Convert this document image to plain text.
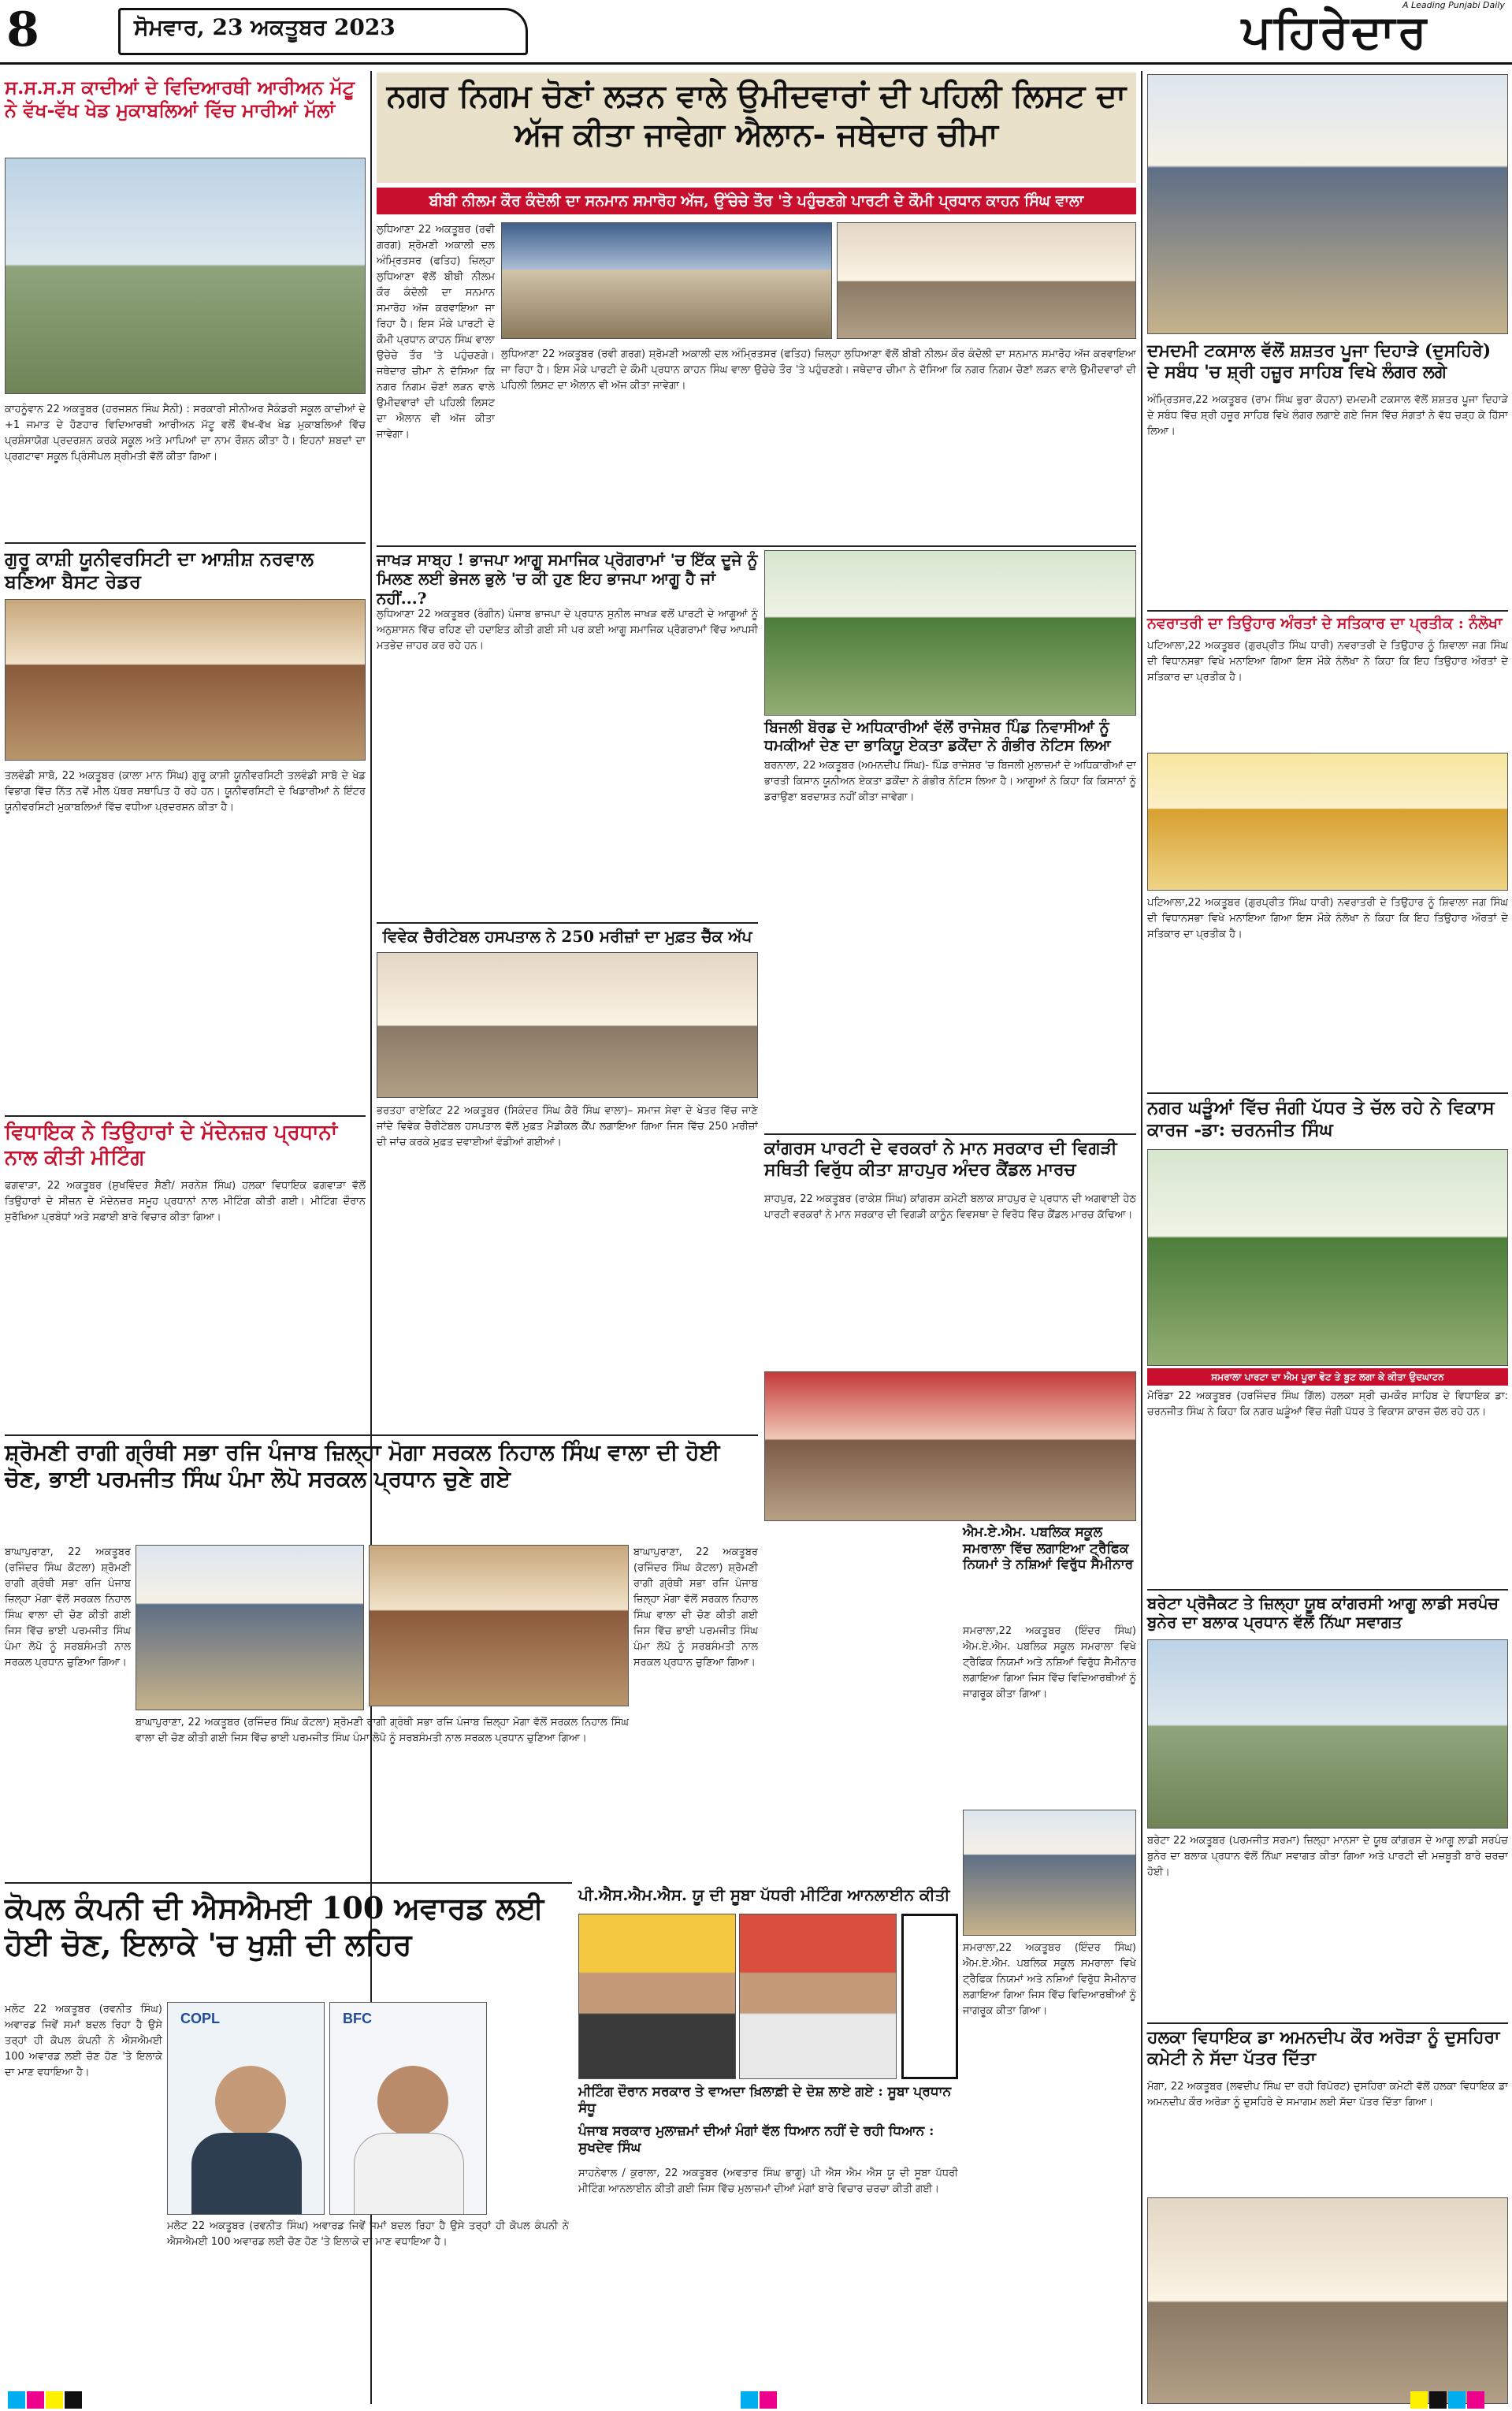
8	ਸੋਮਵਾਰ, 23 ਅਕਤੂਬਰ 2023
A Leading Punjabi Daily
ਪਹਿਰੇਦਾਰ
ਸ.ਸ.ਸ.ਸ ਕਾਦੀਆਂ ਦੇ ਵਿਦਿਆਰਥੀ ਆਰੀਅਨ ਮੱਟੂ ਨੇ ਵੱਖ-ਵੱਖ ਖੇਡ ਮੁਕਾਬਲਿਆਂ ਵਿੱਚ ਮਾਰੀਆਂ ਮੱਲਾਂ
ਕਾਹਨੂੰਵਾਨ 22 ਅਕਤੂਬਰ (ਹਰਜਸ਼ਨ ਸਿੰਘ ਸੈਨੀ) : ਸਰਕਾਰੀ ਸੀਨੀਅਰ ਸੈਕੰਡਰੀ ਸਕੂਲ ਕਾਦੀਆਂ ਦੇ +1 ਜਮਾਤ ਦੇ ਹੋਣਹਾਰ ਵਿਦਿਆਰਥੀ ਆਰੀਅਨ ਮੱਟੂ ਵਲੋਂ ਵੱਖ-ਵੱਖ ਖੇਡ ਮੁਕਾਬਲਿਆਂ ਵਿੱਚ ਪ੍ਰਸ਼ੰਸਾਯੋਗ ਪ੍ਰਦਰਸ਼ਨ ਕਰਕੇ ਸਕੂਲ ਅਤੇ ਮਾਪਿਆਂ ਦਾ ਨਾਮ ਰੌਸ਼ਨ ਕੀਤਾ ਹੈ। ਇਹਨਾਂ ਸ਼ਬਦਾਂ ਦਾ ਪ੍ਰਗਟਾਵਾ ਸਕੂਲ ਪ੍ਰਿੰਸੀਪਲ ਸ਼੍ਰੀਮਤੀ ਵੱਲੋਂ ਕੀਤਾ ਗਿਆ।
ਗੁਰੂ ਕਾਸ਼ੀ ਯੂਨੀਵਰਸਿਟੀ ਦਾ ਆਸ਼ੀਸ਼ ਨਰਵਾਲ ਬਣਿਆ ਬੈਸਟ ਰੇਡਰ
ਤਲਵੰਡੀ ਸਾਬੋ, 22 ਅਕਤੂਬਰ (ਕਾਲਾ ਮਾਨ ਸਿੰਘ) ਗੁਰੂ ਕਾਸ਼ੀ ਯੂਨੀਵਰਸਿਟੀ ਤਲਵੰਡੀ ਸਾਬੋ ਦੇ ਖੇਡ ਵਿਭਾਗ ਵਿੱਚ ਨਿੱਤ ਨਵੇਂ ਮੀਲ ਪੱਥਰ ਸਥਾਪਿਤ ਹੋ ਰਹੇ ਹਨ। ਯੂਨੀਵਰਸਿਟੀ ਦੇ ਖਿਡਾਰੀਆਂ ਨੇ ਇੰਟਰ ਯੂਨੀਵਰਸਿਟੀ ਮੁਕਾਬਲਿਆਂ ਵਿੱਚ ਵਧੀਆ ਪ੍ਰਦਰਸ਼ਨ ਕੀਤਾ ਹੈ।
ਵਿਧਾਇਕ ਨੇ ਤਿਉਹਾਰਾਂ ਦੇ ਮੱਦੇਨਜ਼ਰ ਪ੍ਰਧਾਨਾਂ ਨਾਲ ਕੀਤੀ ਮੀਟਿੰਗ
ਫਗਵਾੜਾ, 22 ਅਕਤੂਬਰ (ਸੁਖਵਿੰਦਰ ਸੈਣੀ/ ਸਰਨੇਸ਼ ਸਿੰਘ) ਹਲਕਾ ਵਿਧਾਇਕ ਫਗਵਾੜਾ ਵੱਲੋਂ ਤਿਉਹਾਰਾਂ ਦੇ ਸੀਜ਼ਨ ਦੇ ਮੱਦੇਨਜ਼ਰ ਸਮੂਹ ਪ੍ਰਧਾਨਾਂ ਨਾਲ ਮੀਟਿੰਗ ਕੀਤੀ ਗਈ। ਮੀਟਿੰਗ ਦੌਰਾਨ ਸੁਰੱਖਿਆ ਪ੍ਰਬੰਧਾਂ ਅਤੇ ਸਫ਼ਾਈ ਬਾਰੇ ਵਿਚਾਰ ਕੀਤਾ ਗਿਆ।
ਨਗਰ ਨਿਗਮ ਚੋਣਾਂ ਲੜਨ ਵਾਲੇ ਉਮੀਦਵਾਰਾਂ ਦੀ ਪਹਿਲੀ ਲਿਸਟ ਦਾ ਅੱਜ ਕੀਤਾ ਜਾਵੇਗਾ ਐਲਾਨ- ਜਥੇਦਾਰ ਚੀਮਾ
ਬੀਬੀ ਨੀਲਮ ਕੌਰ ਕੰਦੋਲੀ ਦਾ ਸਨਮਾਨ ਸਮਾਰੋਹ ਅੱਜ, ਉੱਚੇਚੇ ਤੌਰ 'ਤੇ ਪਹੁੰਚਣਗੇ ਪਾਰਟੀ ਦੇ ਕੌਮੀ ਪ੍ਰਧਾਨ ਕਾਹਨ ਸਿੰਘ ਵਾਲਾ
ਲੁਧਿਆਣਾ 22 ਅਕਤੂਬਰ (ਰਵੀ ਗਰਗ) ਸ਼੍ਰੋਮਣੀ ਅਕਾਲੀ ਦਲ ਅੰਮ੍ਰਿਤਸਰ (ਫਤਿਹ) ਜ਼ਿਲ੍ਹਾ ਲੁਧਿਆਣਾ ਵੱਲੋਂ ਬੀਬੀ ਨੀਲਮ ਕੌਰ ਕੰਦੋਲੀ ਦਾ ਸਨਮਾਨ ਸਮਾਰੋਹ ਅੱਜ ਕਰਵਾਇਆ ਜਾ ਰਿਹਾ ਹੈ। ਇਸ ਮੌਕੇ ਪਾਰਟੀ ਦੇ ਕੌਮੀ ਪ੍ਰਧਾਨ ਕਾਹਨ ਸਿੰਘ ਵਾਲਾ ਉਚੇਚੇ ਤੌਰ 'ਤੇ ਪਹੁੰਚਣਗੇ। ਜਥੇਦਾਰ ਚੀਮਾ ਨੇ ਦੱਸਿਆ ਕਿ ਨਗਰ ਨਿਗਮ ਚੋਣਾਂ ਲੜਨ ਵਾਲੇ ਉਮੀਦਵਾਰਾਂ ਦੀ ਪਹਿਲੀ ਲਿਸਟ ਦਾ ਐਲਾਨ ਵੀ ਅੱਜ ਕੀਤਾ ਜਾਵੇਗਾ।
ਲੁਧਿਆਣਾ 22 ਅਕਤੂਬਰ (ਰਵੀ ਗਰਗ) ਸ਼੍ਰੋਮਣੀ ਅਕਾਲੀ ਦਲ ਅੰਮ੍ਰਿਤਸਰ (ਫਤਿਹ) ਜ਼ਿਲ੍ਹਾ ਲੁਧਿਆਣਾ ਵੱਲੋਂ ਬੀਬੀ ਨੀਲਮ ਕੌਰ ਕੰਦੋਲੀ ਦਾ ਸਨਮਾਨ ਸਮਾਰੋਹ ਅੱਜ ਕਰਵਾਇਆ ਜਾ ਰਿਹਾ ਹੈ। ਇਸ ਮੌਕੇ ਪਾਰਟੀ ਦੇ ਕੌਮੀ ਪ੍ਰਧਾਨ ਕਾਹਨ ਸਿੰਘ ਵਾਲਾ ਉਚੇਚੇ ਤੌਰ 'ਤੇ ਪਹੁੰਚਣਗੇ। ਜਥੇਦਾਰ ਚੀਮਾ ਨੇ ਦੱਸਿਆ ਕਿ ਨਗਰ ਨਿਗਮ ਚੋਣਾਂ ਲੜਨ ਵਾਲੇ ਉਮੀਦਵਾਰਾਂ ਦੀ ਪਹਿਲੀ ਲਿਸਟ ਦਾ ਐਲਾਨ ਵੀ ਅੱਜ ਕੀਤਾ ਜਾਵੇਗਾ।
ਜਾਖੜ ਸਾਬ੍ਹ ! ਭਾਜਪਾ ਆਗੂ ਸਮਾਜਿਕ ਪ੍ਰੋਗਰਾਮਾਂ 'ਚ ਇੱਕ ਦੂਜੇ ਨੂੰ ਮਿਲਣ ਲਈ ਭੇਜਲ ਭੁਲੇ 'ਚ ਕੀ ਹੁਣ ਇਹ ਭਾਜਪਾ ਆਗੂ ਹੈ ਜਾਂ ਨਹੀਂ...?
ਲੁਧਿਆਣਾ 22 ਅਕਤੂਬਰ (ਰੰਗੀਨ) ਪੰਜਾਬ ਭਾਜਪਾ ਦੇ ਪ੍ਰਧਾਨ ਸੁਨੀਲ ਜਾਖੜ ਵਲੋਂ ਪਾਰਟੀ ਦੇ ਆਗੂਆਂ ਨੂੰ ਅਨੁਸ਼ਾਸਨ ਵਿੱਚ ਰਹਿਣ ਦੀ ਹਦਾਇਤ ਕੀਤੀ ਗਈ ਸੀ ਪਰ ਕਈ ਆਗੂ ਸਮਾਜਿਕ ਪ੍ਰੋਗਰਾਮਾਂ ਵਿੱਚ ਆਪਸੀ ਮਤਭੇਦ ਜ਼ਾਹਰ ਕਰ ਰਹੇ ਹਨ।
ਬਿਜਲੀ ਬੋਰਡ ਦੇ ਅਧਿਕਾਰੀਆਂ ਵੱਲੋਂ ਰਾਜੇਸ਼ਰ ਪਿੰਡ ਨਿਵਾਸੀਆਂ ਨੂੰ ਧਮਕੀਆਂ ਦੇਣ ਦਾ ਭਾਕਿਯੂ ਏਕਤਾ ਡਕੌਂਦਾ ਨੇ ਗੰਭੀਰ ਨੋਟਿਸ ਲਿਆ
ਬਰਨਾਲਾ, 22 ਅਕਤੂਬਰ (ਅਮਨਦੀਪ ਸਿੰਘ)- ਪਿੰਡ ਰਾਜੇਸ਼ਰ 'ਚ ਬਿਜਲੀ ਮੁਲਾਜ਼ਮਾਂ ਦੇ ਅਧਿਕਾਰੀਆਂ ਦਾ ਭਾਰਤੀ ਕਿਸਾਨ ਯੂਨੀਅਨ ਏਕਤਾ ਡਕੌਂਦਾ ਨੇ ਗੰਭੀਰ ਨੋਟਿਸ ਲਿਆ ਹੈ। ਆਗੂਆਂ ਨੇ ਕਿਹਾ ਕਿ ਕਿਸਾਨਾਂ ਨੂੰ ਡਰਾਉਣਾ ਬਰਦਾਸ਼ਤ ਨਹੀਂ ਕੀਤਾ ਜਾਵੇਗਾ।
ਵਿਵੇਕ ਚੈਰੀਟੇਬਲ ਹਸਪਤਾਲ ਨੇ 250 ਮਰੀਜ਼ਾਂ ਦਾ ਮੁਫ਼ਤ ਚੈੱਕ ਅੱਪ
ਭਰਤਹਾ ਰਾਏਕਿਟ 22 ਅਕਤੂਬਰ (ਸਿਕੰਦਰ ਸਿੰਘ ਕੈਰੋ ਸਿੰਘ ਵਾਲਾ)– ਸਮਾਜ ਸੇਵਾ ਦੇ ਖੇਤਰ ਵਿੱਚ ਜਾਣੇ ਜਾਂਦੇ ਵਿਵੇਕ ਚੈਰੀਟੇਬਲ ਹਸਪਤਾਲ ਵੱਲੋਂ ਮੁਫ਼ਤ ਮੈਡੀਕਲ ਕੈਂਪ ਲਗਾਇਆ ਗਿਆ ਜਿਸ ਵਿੱਚ 250 ਮਰੀਜ਼ਾਂ ਦੀ ਜਾਂਚ ਕਰਕੇ ਮੁਫ਼ਤ ਦਵਾਈਆਂ ਵੰਡੀਆਂ ਗਈਆਂ।	ਕਾਂਗਰਸ ਪਾਰਟੀ ਦੇ ਵਰਕਰਾਂ ਨੇ ਮਾਨ ਸਰਕਾਰ ਦੀ ਵਿਗੜੀ ਸਥਿਤੀ ਵਿਰੁੱਧ ਕੀਤਾ ਸ਼ਾਹਪੁਰ ਅੰਦਰ ਕੈਂਡਲ ਮਾਰਚ
ਸ਼ਾਹਪੁਰ, 22 ਅਕਤੂਬਰ (ਰਾਕੇਸ਼ ਸਿੰਘ) ਕਾਂਗਰਸ ਕਮੇਟੀ ਬਲਾਕ ਸ਼ਾਹਪੁਰ ਦੇ ਪ੍ਰਧਾਨ ਦੀ ਅਗਵਾਈ ਹੇਠ ਪਾਰਟੀ ਵਰਕਰਾਂ ਨੇ ਮਾਨ ਸਰਕਾਰ ਦੀ ਵਿਗੜੀ ਕਾਨੂੰਨ ਵਿਵਸਥਾ ਦੇ ਵਿਰੋਧ ਵਿੱਚ ਕੈਂਡਲ ਮਾਰਚ ਕੱਢਿਆ।
ਸ਼੍ਰੋਮਣੀ ਰਾਗੀ ਗ੍ਰੰਥੀ ਸਭਾ ਰਜਿ ਪੰਜਾਬ ਜ਼ਿਲ੍ਹਾ ਮੋਗਾ ਸਰਕਲ ਨਿਹਾਲ ਸਿੰਘ ਵਾਲਾ ਦੀ ਹੋਈ ਚੋਣ, ਭਾਈ ਪਰਮਜੀਤ ਸਿੰਘ ਪੰਮਾ ਲੋਪੋ ਸਰਕਲ ਪ੍ਰਧਾਨ ਚੁਣੇ ਗਏ
ਬਾਘਾਪੁਰਾਣਾ, 22 ਅਕਤੂਬਰ (ਰਜਿੰਦਰ ਸਿੰਘ ਕੋਟਲਾ) ਸ਼੍ਰੋਮਣੀ ਰਾਗੀ ਗ੍ਰੰਥੀ ਸਭਾ ਰਜਿ ਪੰਜਾਬ ਜ਼ਿਲ੍ਹਾ ਮੋਗਾ ਵੱਲੋਂ ਸਰਕਲ ਨਿਹਾਲ ਸਿੰਘ ਵਾਲਾ ਦੀ ਚੋਣ ਕੀਤੀ ਗਈ ਜਿਸ ਵਿੱਚ ਭਾਈ ਪਰਮਜੀਤ ਸਿੰਘ ਪੰਮਾ ਲੋਪੋ ਨੂੰ ਸਰਬਸੰਮਤੀ ਨਾਲ ਸਰਕਲ ਪ੍ਰਧਾਨ ਚੁਣਿਆ ਗਿਆ।
ਬਾਘਾਪੁਰਾਣਾ, 22 ਅਕਤੂਬਰ (ਰਜਿੰਦਰ ਸਿੰਘ ਕੋਟਲਾ) ਸ਼੍ਰੋਮਣੀ ਰਾਗੀ ਗ੍ਰੰਥੀ ਸਭਾ ਰਜਿ ਪੰਜਾਬ ਜ਼ਿਲ੍ਹਾ ਮੋਗਾ ਵੱਲੋਂ ਸਰਕਲ ਨਿਹਾਲ ਸਿੰਘ ਵਾਲਾ ਦੀ ਚੋਣ ਕੀਤੀ ਗਈ ਜਿਸ ਵਿੱਚ ਭਾਈ ਪਰਮਜੀਤ ਸਿੰਘ ਪੰਮਾ ਲੋਪੋ ਨੂੰ ਸਰਬਸੰਮਤੀ ਨਾਲ ਸਰਕਲ ਪ੍ਰਧਾਨ ਚੁਣਿਆ ਗਿਆ।
ਬਾਘਾਪੁਰਾਣਾ, 22 ਅਕਤੂਬਰ (ਰਜਿੰਦਰ ਸਿੰਘ ਕੋਟਲਾ) ਸ਼੍ਰੋਮਣੀ ਰਾਗੀ ਗ੍ਰੰਥੀ ਸਭਾ ਰਜਿ ਪੰਜਾਬ ਜ਼ਿਲ੍ਹਾ ਮੋਗਾ ਵੱਲੋਂ ਸਰਕਲ ਨਿਹਾਲ ਸਿੰਘ ਵਾਲਾ ਦੀ ਚੋਣ ਕੀਤੀ ਗਈ ਜਿਸ ਵਿੱਚ ਭਾਈ ਪਰਮਜੀਤ ਸਿੰਘ ਪੰਮਾ ਲੋਪੋ ਨੂੰ ਸਰਬਸੰਮਤੀ ਨਾਲ ਸਰਕਲ ਪ੍ਰਧਾਨ ਚੁਣਿਆ ਗਿਆ।
ਕੋਪਲ ਕੰਪਨੀ ਦੀ ਐਸਐਮਈ 100 ਅਵਾਰਡ ਲਈ ਹੋਈ ਚੋਣ, ਇਲਾਕੇ 'ਚ ਖੁਸ਼ੀ ਦੀ ਲਹਿਰ
ਮਲੋਟ 22 ਅਕਤੂਬਰ (ਰਵਨੀਤ ਸਿੰਘ) ਅਵਾਰਡ ਜਿਵੇਂ ਸਮਾਂ ਬਦਲ ਰਿਹਾ ਹੈ ਉਸੇ ਤਰ੍ਹਾਂ ਹੀ ਕੋਪਲ ਕੰਪਨੀ ਨੇ ਐਸਐਮਈ 100 ਅਵਾਰਡ ਲਈ ਚੋਣ ਹੋਣ 'ਤੇ ਇਲਾਕੇ ਦਾ ਮਾਣ ਵਧਾਇਆ ਹੈ।
COPL	BFC
ਮਲੋਟ 22 ਅਕਤੂਬਰ (ਰਵਨੀਤ ਸਿੰਘ) ਅਵਾਰਡ ਜਿਵੇਂ ਸਮਾਂ ਬਦਲ ਰਿਹਾ ਹੈ ਉਸੇ ਤਰ੍ਹਾਂ ਹੀ ਕੋਪਲ ਕੰਪਨੀ ਨੇ ਐਸਐਮਈ 100 ਅਵਾਰਡ ਲਈ ਚੋਣ ਹੋਣ 'ਤੇ ਇਲਾਕੇ ਦਾ ਮਾਣ ਵਧਾਇਆ ਹੈ।
ਪੀ.ਐਸ.ਐਮ.ਐਸ. ਯੂ ਦੀ ਸੂਬਾ ਪੱਧਰੀ ਮੀਟਿੰਗ ਆਨਲਾਈਨ ਕੀਤੀ
ਮੀਟਿੰਗ ਦੌਰਾਨ ਸਰਕਾਰ ਤੇ ਵਾਅਦਾ ਖ਼ਿਲਾਫ਼ੀ ਦੇ ਦੋਸ਼ ਲਾਏ ਗਏ : ਸੂਬਾ ਪ੍ਰਧਾਨ ਸੰਧੂ
ਪੰਜਾਬ ਸਰਕਾਰ ਮੁਲਾਜ਼ਮਾਂ ਦੀਆਂ ਮੰਗਾਂ ਵੱਲ ਧਿਆਨ ਨਹੀਂ ਦੇ ਰਹੀ ਧਿਆਨ : ਸੁਖਦੇਵ ਸਿੰਘ
ਸਾਹਨੇਵਾਲ / ਕੁਰਾਲਾ, 22 ਅਕਤੂਬਰ (ਅਵਤਾਰ ਸਿੰਘ ਭਾਗੂ) ਪੀ ਐਸ ਐਮ ਐਸ ਯੂ ਦੀ ਸੂਬਾ ਪੱਧਰੀ ਮੀਟਿੰਗ ਆਨਲਾਈਨ ਕੀਤੀ ਗਈ ਜਿਸ ਵਿੱਚ ਮੁਲਾਜ਼ਮਾਂ ਦੀਆਂ ਮੰਗਾਂ ਬਾਰੇ ਵਿਚਾਰ ਚਰਚਾ ਕੀਤੀ ਗਈ।
ਐਮ.ਏ.ਐਮ. ਪਬਲਿਕ ਸਕੂਲ ਸਮਰਾਲਾ ਵਿੱਚ ਲਗਾਇਆ ਟ੍ਰੈਫਿਕ ਨਿਯਮਾਂ ਤੇ ਨਸ਼ਿਆਂ ਵਿਰੁੱਧ ਸੈਮੀਨਾਰ
ਸਮਰਾਲਾ,22 ਅਕਤੂਬਰ (ਇੰਦਰ ਸਿੰਘ) ਐਮ.ਏ.ਐਮ. ਪਬਲਿਕ ਸਕੂਲ ਸਮਰਾਲਾ ਵਿਖੇ ਟ੍ਰੈਫਿਕ ਨਿਯਮਾਂ ਅਤੇ ਨਸ਼ਿਆਂ ਵਿਰੁੱਧ ਸੈਮੀਨਾਰ ਲਗਾਇਆ ਗਿਆ ਜਿਸ ਵਿੱਚ ਵਿਦਿਆਰਥੀਆਂ ਨੂੰ ਜਾਗਰੂਕ ਕੀਤਾ ਗਿਆ।
ਸਮਰਾਲਾ,22 ਅਕਤੂਬਰ (ਇੰਦਰ ਸਿੰਘ) ਐਮ.ਏ.ਐਮ. ਪਬਲਿਕ ਸਕੂਲ ਸਮਰਾਲਾ ਵਿਖੇ ਟ੍ਰੈਫਿਕ ਨਿਯਮਾਂ ਅਤੇ ਨਸ਼ਿਆਂ ਵਿਰੁੱਧ ਸੈਮੀਨਾਰ ਲਗਾਇਆ ਗਿਆ ਜਿਸ ਵਿੱਚ ਵਿਦਿਆਰਥੀਆਂ ਨੂੰ ਜਾਗਰੂਕ ਕੀਤਾ ਗਿਆ।
ਦਮਦਮੀ ਟਕਸਾਲ ਵੱਲੋਂ ਸ਼ਸ਼ਤਰ ਪੂਜਾ ਦਿਹਾੜੇ (ਦੁਸਹਿਰੇ) ਦੇ ਸਬੰਧ 'ਚ ਸ਼੍ਰੀ ਹਜ਼ੂਰ ਸਾਹਿਬ ਵਿਖੇ ਲੰਗਰ ਲਗੇ
ਅੰਮ੍ਰਿਤਸਰ,22 ਅਕਤੂਬਰ (ਰਾਮ ਸਿੰਘ ਭੁਰਾ ਕੋਹਨਾ) ਦਮਦਮੀ ਟਕਸਾਲ ਵੱਲੋਂ ਸ਼ਸ਼ਤਰ ਪੂਜਾ ਦਿਹਾੜੇ ਦੇ ਸਬੰਧ ਵਿੱਚ ਸ਼੍ਰੀ ਹਜ਼ੂਰ ਸਾਹਿਬ ਵਿਖੇ ਲੰਗਰ ਲਗਾਏ ਗਏ ਜਿਸ ਵਿੱਚ ਸੰਗਤਾਂ ਨੇ ਵੱਧ ਚੜ੍ਹ ਕੇ ਹਿੱਸਾ ਲਿਆ।
ਨਵਰਾਤਰੀ ਦਾ ਤਿਉਹਾਰ ਅੰਰਤਾਂ ਦੇ ਸਤਿਕਾਰ ਦਾ ਪ੍ਰਤੀਕ : ਨੰਲੋਖਾ
ਪਟਿਆਲਾ,22 ਅਕਤੂਬਰ (ਗੁਰਪ੍ਰੀਤ ਸਿੰਘ ਧਾਰੀ) ਨਵਰਾਤਰੀ ਦੇ ਤਿਉਹਾਰ ਨੂੰ ਸ਼ਿਵਾਲਾ ਜਗ ਸਿੰਘ ਦੀ ਵਿਧਾਨਸਭਾ ਵਿਖੇ ਮਨਾਇਆ ਗਿਆ ਇਸ ਮੌਕੇ ਨੰਲੋਖਾ ਨੇ ਕਿਹਾ ਕਿ ਇਹ ਤਿਉਹਾਰ ਔਰਤਾਂ ਦੇ ਸਤਿਕਾਰ ਦਾ ਪ੍ਰਤੀਕ ਹੈ।
ਪਟਿਆਲਾ,22 ਅਕਤੂਬਰ (ਗੁਰਪ੍ਰੀਤ ਸਿੰਘ ਧਾਰੀ) ਨਵਰਾਤਰੀ ਦੇ ਤਿਉਹਾਰ ਨੂੰ ਸ਼ਿਵਾਲਾ ਜਗ ਸਿੰਘ ਦੀ ਵਿਧਾਨਸਭਾ ਵਿਖੇ ਮਨਾਇਆ ਗਿਆ ਇਸ ਮੌਕੇ ਨੰਲੋਖਾ ਨੇ ਕਿਹਾ ਕਿ ਇਹ ਤਿਉਹਾਰ ਔਰਤਾਂ ਦੇ ਸਤਿਕਾਰ ਦਾ ਪ੍ਰਤੀਕ ਹੈ।
ਨਗਰ ਘੜੂੰਆਂ ਵਿੱਚ ਜੰਗੀ ਪੱਧਰ ਤੇ ਚੱਲ ਰਹੇ ਨੇ ਵਿਕਾਸ ਕਾਰਜ -ਡਾ: ਚਰਨਜੀਤ ਸਿੰਘ
ਸਮਰਾਲਾ ਪਾਰਟਾ ਦਾ ਐਮ ਪੂਰਾ ਵੋਟ ਤੇ ਬੂਟ ਲਗਾ ਕੇ ਕੀਤਾ ਉਦਘਾਟਨ
ਮੋਰਿੰਡਾ 22 ਅਕਤੂਬਰ (ਹਰਜਿੰਦਰ ਸਿੰਘ ਗਿੱਲ) ਹਲਕਾ ਸ੍ਰੀ ਚਮਕੌਰ ਸਾਹਿਬ ਦੇ ਵਿਧਾਇਕ ਡਾ: ਚਰਨਜੀਤ ਸਿੰਘ ਨੇ ਕਿਹਾ ਕਿ ਨਗਰ ਘੜੂੰਆਂ ਵਿੱਚ ਜੰਗੀ ਪੱਧਰ ਤੇ ਵਿਕਾਸ ਕਾਰਜ ਚੱਲ ਰਹੇ ਹਨ।
ਬਰੇਟਾ ਪ੍ਰੋਜੈਕਟ ਤੇ ਜ਼ਿਲ੍ਹਾ ਯੂਥ ਕਾਂਗਰਸੀ ਆਗੂ ਲਾਡੀ ਸਰਪੰਚ ਬੁਨੇਰ ਦਾ ਬਲਾਕ ਪ੍ਰਧਾਨ ਵੱਲੋਂ ਨਿੱਘਾ ਸਵਾਗਤ
ਬਰੇਟਾ 22 ਅਕਤੂਬਰ (ਪਰਮਜੀਤ ਸਰਮਾ) ਜ਼ਿਲ੍ਹਾ ਮਾਨਸਾ ਦੇ ਯੂਥ ਕਾਂਗਰਸ ਦੇ ਆਗੂ ਲਾਡੀ ਸਰਪੰਚ ਬੁਨੇਰ ਦਾ ਬਲਾਕ ਪ੍ਰਧਾਨ ਵੱਲੋਂ ਨਿੱਘਾ ਸਵਾਗਤ ਕੀਤਾ ਗਿਆ ਅਤੇ ਪਾਰਟੀ ਦੀ ਮਜ਼ਬੂਤੀ ਬਾਰੇ ਚਰਚਾ ਹੋਈ।
ਹਲਕਾ ਵਿਧਾਇਕ ਡਾ ਅਮਨਦੀਪ ਕੌਰ ਅਰੋੜਾ ਨੂੰ ਦੁਸਹਿਰਾ ਕਮੇਟੀ ਨੇ ਸੱਦਾ ਪੱਤਰ ਦਿੱਤਾ
ਮੋਗਾ, 22 ਅਕਤੂਬਰ (ਲਵਦੀਪ ਸਿੰਘ ਦਾ ਰਹੀ ਰਿਪੋਰਟ) ਦੁਸਹਿਰਾ ਕਮੇਟੀ ਵੱਲੋਂ ਹਲਕਾ ਵਿਧਾਇਕ ਡਾ ਅਮਨਦੀਪ ਕੌਰ ਅਰੋੜਾ ਨੂੰ ਦੁਸਹਿਰੇ ਦੇ ਸਮਾਗਮ ਲਈ ਸੱਦਾ ਪੱਤਰ ਦਿੱਤਾ ਗਿਆ।
